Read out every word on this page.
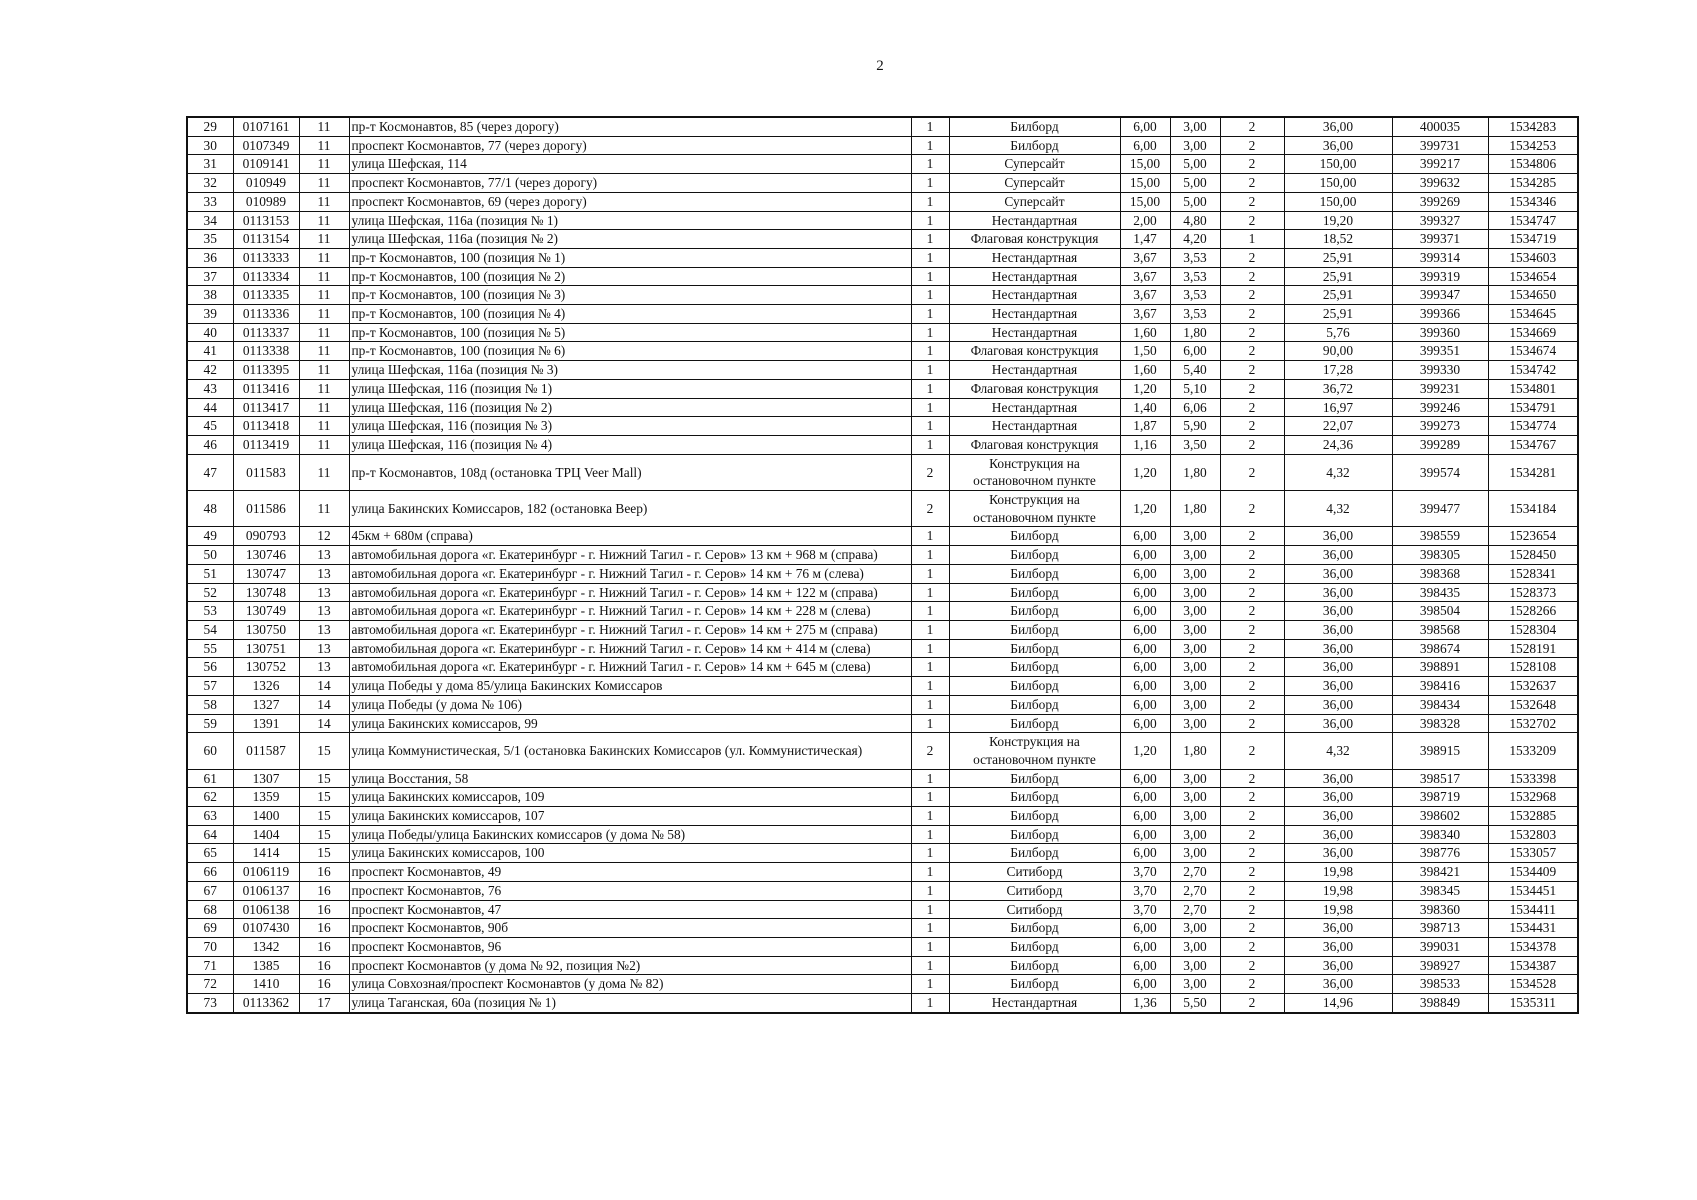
2
29	0107161	11	пр-т Космонавтов, 85 (через дорогу)	1	Билборд	6,00	3,00	2	36,00	400035	1534283
30	0107349	11	проспект Космонавтов, 77 (через дорогу)	1	Билборд	6,00	3,00	2	36,00	399731	1534253
31	0109141	11	улица Шефская, 114	1	Суперсайт	15,00	5,00	2	150,00	399217	1534806
32	010949	11	проспект Космонавтов, 77/1 (через дорогу)	1	Суперсайт	15,00	5,00	2	150,00	399632	1534285
33	010989	11	проспект Космонавтов, 69 (через дорогу)	1	Суперсайт	15,00	5,00	2	150,00	399269	1534346
34	0113153	11	улица Шефская, 116а (позиция № 1)	1	Нестандартная	2,00	4,80	2	19,20	399327	1534747
35	0113154	11	улица Шефская, 116а (позиция № 2)	1	Флаговая конструкция	1,47	4,20	1	18,52	399371	1534719
36	0113333	11	пр-т Космонавтов, 100 (позиция № 1)	1	Нестандартная	3,67	3,53	2	25,91	399314	1534603
37	0113334	11	пр-т Космонавтов, 100 (позиция № 2)	1	Нестандартная	3,67	3,53	2	25,91	399319	1534654
38	0113335	11	пр-т Космонавтов, 100 (позиция № 3)	1	Нестандартная	3,67	3,53	2	25,91	399347	1534650
39	0113336	11	пр-т Космонавтов, 100 (позиция № 4)	1	Нестандартная	3,67	3,53	2	25,91	399366	1534645
40	0113337	11	пр-т Космонавтов, 100 (позиция № 5)	1	Нестандартная	1,60	1,80	2	5,76	399360	1534669
41	0113338	11	пр-т Космонавтов, 100 (позиция № 6)	1	Флаговая конструкция	1,50	6,00	2	90,00	399351	1534674
42	0113395	11	улица Шефская, 116а (позиция № 3)	1	Нестандартная	1,60	5,40	2	17,28	399330	1534742
43	0113416	11	улица Шефская, 116 (позиция № 1)	1	Флаговая конструкция	1,20	5,10	2	36,72	399231	1534801
44	0113417	11	улица Шефская, 116 (позиция № 2)	1	Нестандартная	1,40	6,06	2	16,97	399246	1534791
45	0113418	11	улица Шефская, 116 (позиция № 3)	1	Нестандартная	1,87	5,90	2	22,07	399273	1534774
46	0113419	11	улица Шефская, 116 (позиция № 4)	1	Флаговая конструкция	1,16	3,50	2	24,36	399289	1534767
47	011583	11	пр-т Космонавтов, 108д (остановка ТРЦ Veer Mall)	2	Конструкция на остановочном пункте	1,20	1,80	2	4,32	399574	1534281
48	011586	11	улица Бакинских Комиссаров, 182 (остановка Веер)	2	Конструкция на остановочном пункте	1,20	1,80	2	4,32	399477	1534184
49	090793	12	45км + 680м (справа)	1	Билборд	6,00	3,00	2	36,00	398559	1523654
50	130746	13	автомобильная дорога «г. Екатеринбург - г. Нижний Тагил - г. Серов» 13 км + 968 м (справа)	1	Билборд	6,00	3,00	2	36,00	398305	1528450
51	130747	13	автомобильная дорога «г. Екатеринбург - г. Нижний Тагил - г. Серов» 14 км + 76 м (слева)	1	Билборд	6,00	3,00	2	36,00	398368	1528341
52	130748	13	автомобильная дорога «г. Екатеринбург - г. Нижний Тагил - г. Серов» 14 км + 122 м (справа)	1	Билборд	6,00	3,00	2	36,00	398435	1528373
53	130749	13	автомобильная дорога «г. Екатеринбург - г. Нижний Тагил - г. Серов» 14 км + 228 м (слева)	1	Билборд	6,00	3,00	2	36,00	398504	1528266
54	130750	13	автомобильная дорога «г. Екатеринбург - г. Нижний Тагил - г. Серов» 14 км + 275 м (справа)	1	Билборд	6,00	3,00	2	36,00	398568	1528304
55	130751	13	автомобильная дорога «г. Екатеринбург - г. Нижний Тагил - г. Серов» 14 км + 414 м (слева)	1	Билборд	6,00	3,00	2	36,00	398674	1528191
56	130752	13	автомобильная дорога «г. Екатеринбург - г. Нижний Тагил - г. Серов» 14 км + 645 м (слева)	1	Билборд	6,00	3,00	2	36,00	398891	1528108
57	1326	14	улица Победы у дома 85/улица Бакинских Комиссаров	1	Билборд	6,00	3,00	2	36,00	398416	1532637
58	1327	14	улица Победы (у дома № 106)	1	Билборд	6,00	3,00	2	36,00	398434	1532648
59	1391	14	улица Бакинских комиссаров, 99	1	Билборд	6,00	3,00	2	36,00	398328	1532702
60	011587	15	улица Коммунистическая, 5/1 (остановка Бакинских Комиссаров (ул. Коммунистическая)	2	Конструкция на остановочном пункте	1,20	1,80	2	4,32	398915	1533209
61	1307	15	улица Восстания, 58	1	Билборд	6,00	3,00	2	36,00	398517	1533398
62	1359	15	улица Бакинских комиссаров, 109	1	Билборд	6,00	3,00	2	36,00	398719	1532968
63	1400	15	улица Бакинских комиссаров, 107	1	Билборд	6,00	3,00	2	36,00	398602	1532885
64	1404	15	улица Победы/улица Бакинских комиссаров (у дома № 58)	1	Билборд	6,00	3,00	2	36,00	398340	1532803
65	1414	15	улица Бакинских комиссаров, 100	1	Билборд	6,00	3,00	2	36,00	398776	1533057
66	0106119	16	проспект Космонавтов, 49	1	Ситиборд	3,70	2,70	2	19,98	398421	1534409
67	0106137	16	проспект Космонавтов, 76	1	Ситиборд	3,70	2,70	2	19,98	398345	1534451
68	0106138	16	проспект Космонавтов, 47	1	Ситиборд	3,70	2,70	2	19,98	398360	1534411
69	0107430	16	проспект Космонавтов, 90б	1	Билборд	6,00	3,00	2	36,00	398713	1534431
70	1342	16	проспект Космонавтов, 96	1	Билборд	6,00	3,00	2	36,00	399031	1534378
71	1385	16	проспект Космонавтов (у дома № 92, позиция №2)	1	Билборд	6,00	3,00	2	36,00	398927	1534387
72	1410	16	улица Совхозная/проспект Космонавтов (у дома № 82)	1	Билборд	6,00	3,00	2	36,00	398533	1534528
73	0113362	17	улица Таганская, 60а (позиция № 1)	1	Нестандартная	1,36	5,50	2	14,96	398849	1535311
